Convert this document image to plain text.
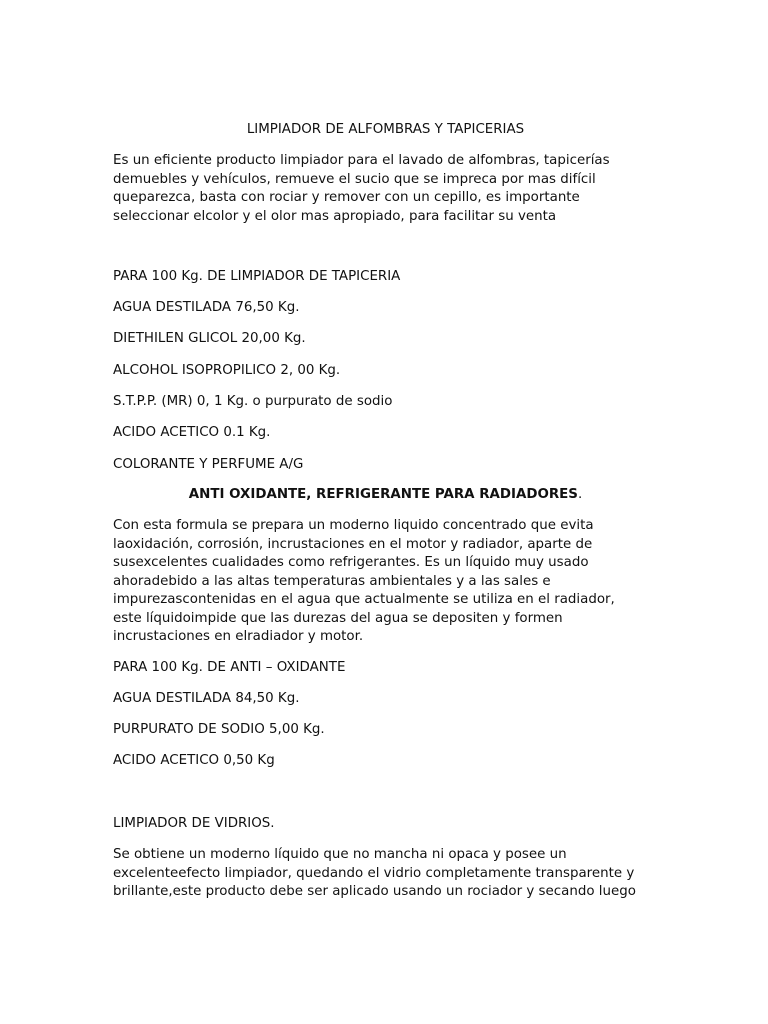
LIMPIADOR DE ALFOMBRAS Y TAPICERIAS

Es un eficiente producto limpiador para el lavado de alfombras, tapicerías
demuebles y vehículos, remueve el sucio que se impreca por mas difícil
queparezca, basta con rociar y remover con un cepillo, es importante
seleccionar elcolor y el olor mas apropiado, para facilitar su venta

PARA 100 Kg. DE LIMPIADOR DE TAPICERIA

AGUA DESTILADA 76,50 Kg.

DIETHILEN GLICOL 20,00 Kg.

ALCOHOL ISOPROPILICO 2, 00 Kg.

S.T.P.P. (MR) 0, 1 Kg. o purpurato de sodio

ACIDO ACETICO 0.1 Kg.

COLORANTE Y PERFUME A/G

ANTI OXIDANTE, REFRIGERANTE PARA RADIADORES.

Con esta formula se prepara un moderno liquido concentrado que evita
laoxidación, corrosión, incrustaciones en el motor y radiador, aparte de
susexcelentes cualidades como refrigerantes. Es un líquido muy usado
ahoradebido a las altas temperaturas ambientales y a las sales e
impurezascontenidas en el agua que actualmente se utiliza en el radiador,
este líquidoimpide que las durezas del agua se depositen y formen
incrustaciones en elradiador y motor.

PARA 100 Kg. DE ANTI – OXIDANTE

AGUA DESTILADA 84,50 Kg.

PURPURATO DE SODIO 5,00 Kg.

ACIDO ACETICO 0,50 Kg

LIMPIADOR DE VIDRIOS.

Se obtiene un moderno líquido que no mancha ni opaca y posee un
excelenteefecto limpiador, quedando el vidrio completamente transparente y
brillante,este producto debe ser aplicado usando un rociador y secando luego
